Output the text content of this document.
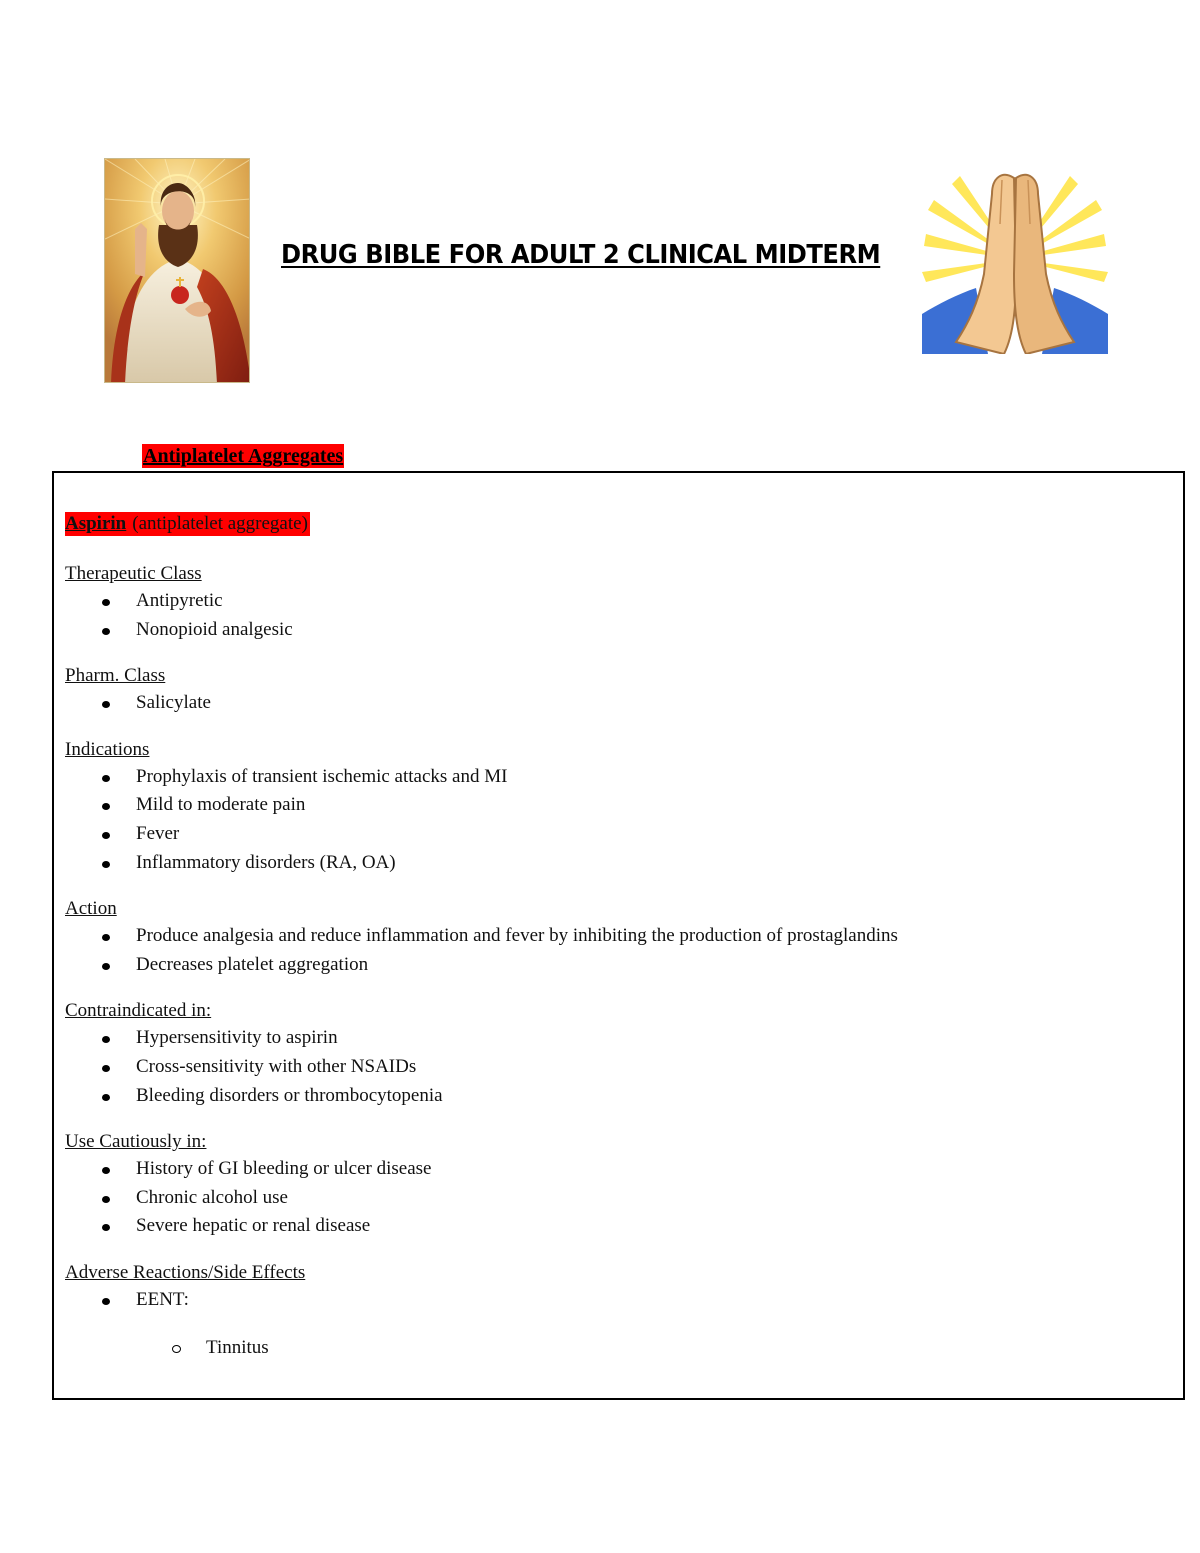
DRUG BIBLE FOR ADULT 2 CLINICAL MIDTERM
Antiplatelet Aggregates
Aspirin (antiplatelet aggregate)

Therapeutic Class

Antipyretic
Nonopioid analgesic

Pharm. Class

Salicylate

Indications

Prophylaxis of transient ischemic attacks and MI
Mild to moderate pain
Fever
Inflammatory disorders (RA, OA)

Action

Produce analgesia and reduce inflammation and fever by inhibiting the production of prostaglandins
Decreases platelet aggregation

Contraindicated in:

Hypersensitivity to aspirin
Cross-sensitivity with other NSAIDs
Bleeding disorders or thrombocytopenia

Use Cautiously in:

History of GI bleeding or ulcer disease
Chronic alcohol use
Severe hepatic or renal disease

Adverse Reactions/Side Effects

EENT:
Tinnitus
